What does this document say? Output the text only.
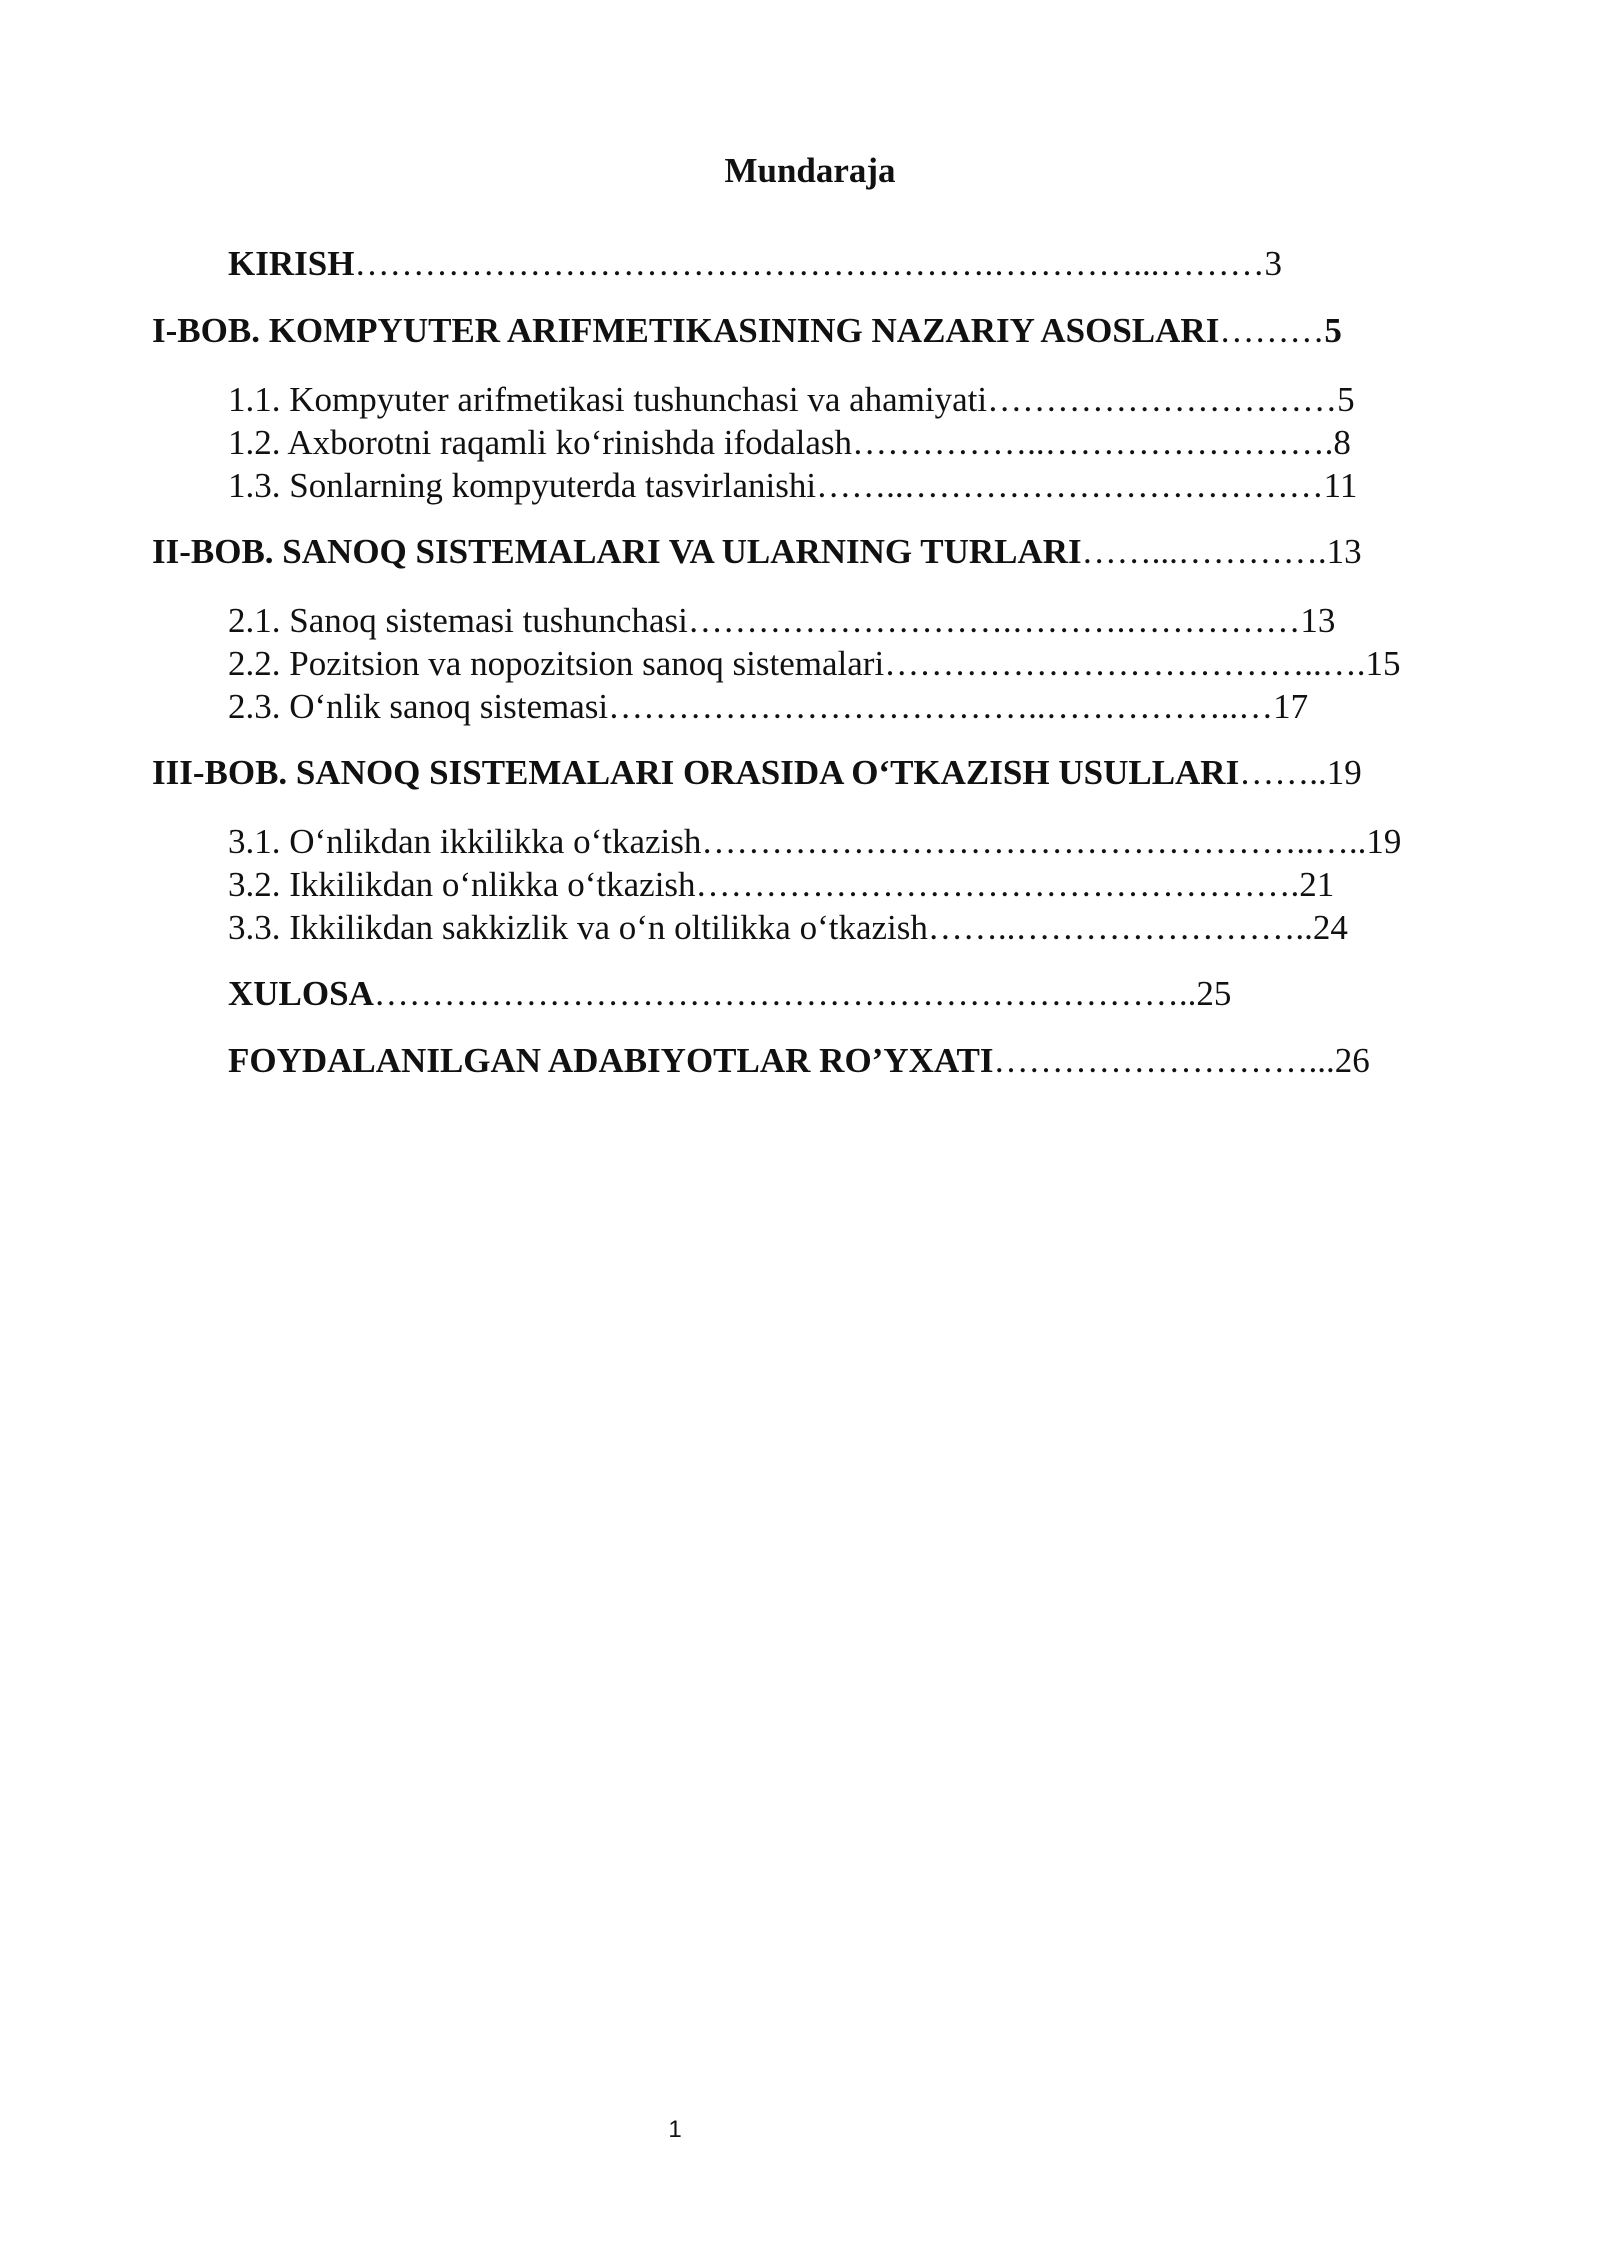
Mundaraja
KIRISH……………………………………………….…………...………3
I-BOB. KOMPYUTER ARIFMETIKASINING NAZARIY ASOSLARI………5
1.1. Kompyuter arifmetikasi tushunchasi va ahamiyati…………………………5
1.2. Axborotni raqamli koʻrinishda ifodalash……………..…………………….8
1.3. Sonlarning kompyuterda tasvirlanishi……..………………………………11
II-BOB. SANOQ SISTEMALARI VA ULARNING TURLARI……...………….13
2.1. Sanoq sistemasi tushunchasi……………………….……….……………13
2.2. Pozitsion va nopozitsion sanoq sistemalari………………………………..….15
2.3. Oʻnlik sanoq sistemasi………………………………..……………..…17
III-BOB. SANOQ SISTEMALARI ORASIDA OʻTKAZISH USULLARI……..19
3.1. Oʻnlikdan ikkilikka oʻtkazish……………………………………………..…..19
3.2. Ikkilikdan oʻnlikka oʻtkazish…………………………………………….21
3.3. Ikkilikdan sakkizlik va oʻn oltilikka oʻtkazish……..……………………..24
XULOSA……………………………………………………………..25
FOYDALANILGAN ADABIYOTLAR RO’YXATI………………………...26
1
